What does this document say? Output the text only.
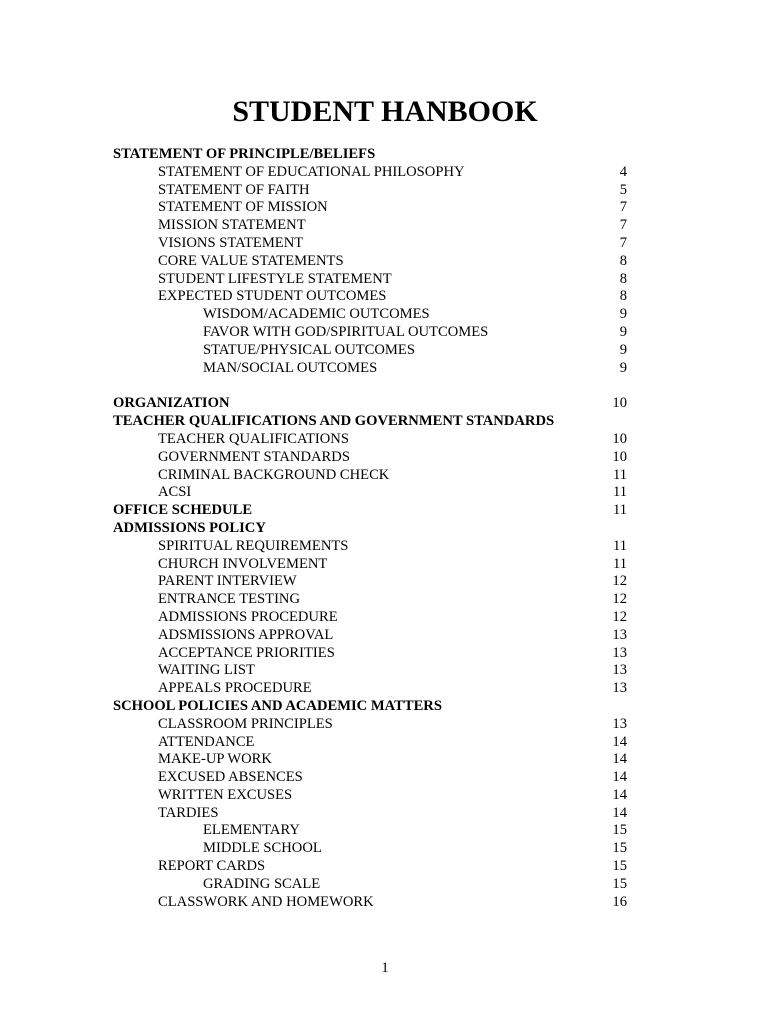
STUDENT HANBOOK
STATEMENT OF PRINCIPLE/BELIEFS
STATEMENT OF EDUCATIONAL PHILOSOPHY	4
STATEMENT OF FAITH	5
STATEMENT OF MISSION	7
MISSION STATEMENT	7
VISIONS STATEMENT	7
CORE VALUE STATEMENTS	8
STUDENT LIFESTYLE STATEMENT	8
EXPECTED STUDENT OUTCOMES	8
WISDOM/ACADEMIC OUTCOMES	9
FAVOR WITH GOD/SPIRITUAL OUTCOMES	9
STATUE/PHYSICAL OUTCOMES	9
MAN/SOCIAL OUTCOMES	9
ORGANIZATION	10
TEACHER QUALIFICATIONS AND GOVERNMENT STANDARDS
TEACHER QUALIFICATIONS	10
GOVERNMENT STANDARDS	10
CRIMINAL BACKGROUND CHECK	11
ACSI	11
OFFICE SCHEDULE	11
ADMISSIONS POLICY
SPIRITUAL REQUIREMENTS	11
CHURCH INVOLVEMENT	11
PARENT INTERVIEW	12
ENTRANCE TESTING	12
ADMISSIONS PROCEDURE	12
ADSMISSIONS APPROVAL	13
ACCEPTANCE PRIORITIES	13
WAITING LIST	13
APPEALS PROCEDURE	13
SCHOOL POLICIES AND ACADEMIC MATTERS
CLASSROOM PRINCIPLES	13
ATTENDANCE	14
MAKE-UP WORK	14
EXCUSED ABSENCES	14
WRITTEN EXCUSES	14
TARDIES	14
ELEMENTARY	15
MIDDLE SCHOOL	15
REPORT CARDS	15
GRADING SCALE	15
CLASSWORK AND HOMEWORK	16
1
